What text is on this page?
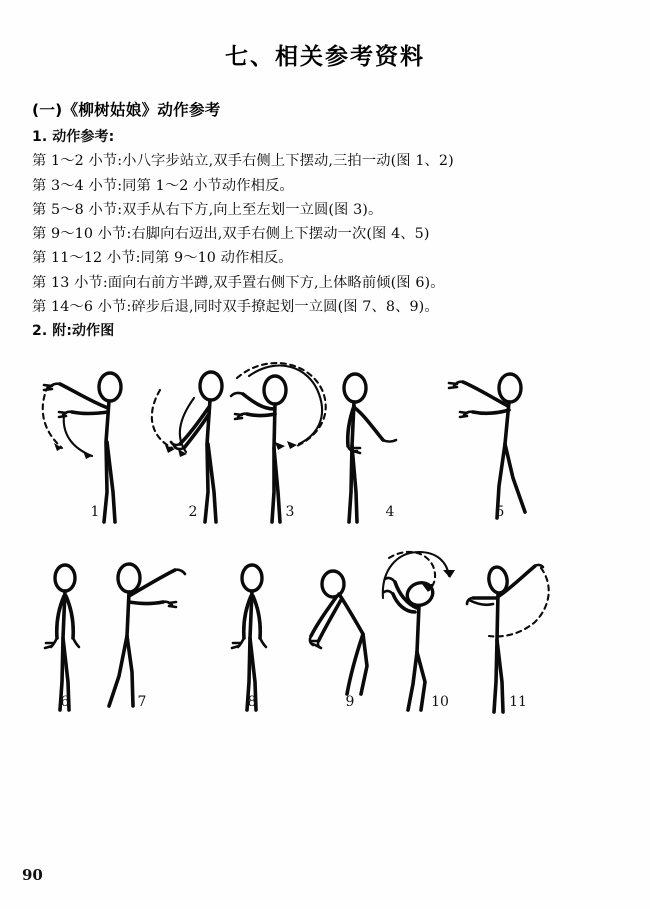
七、相关参考资料
(一)《柳树姑娘》动作参考
1. 动作参考:
第 1～2 小节:小八字步站立,双手右侧上下摆动,三拍一动(图 1、2)
第 3～4 小节:同第 1～2 小节动作相反。
第 5～8 小节:双手从右下方,向上至左划一立圆(图 3)。
第 9～10 小节:右脚向右迈出,双手右侧上下摆动一次(图 4、5)
第 11～12 小节:同第 9～10 动作相反。
第 13 小节:面向右前方半蹲,双手置右侧下方,上体略前倾(图 6)。
第 14～6 小节:碎步后退,同时双手撩起划一立圆(图 7、8、9)。
2. 附:动作图
1	2	3	4	5
6	7	8	9	10	11
90
